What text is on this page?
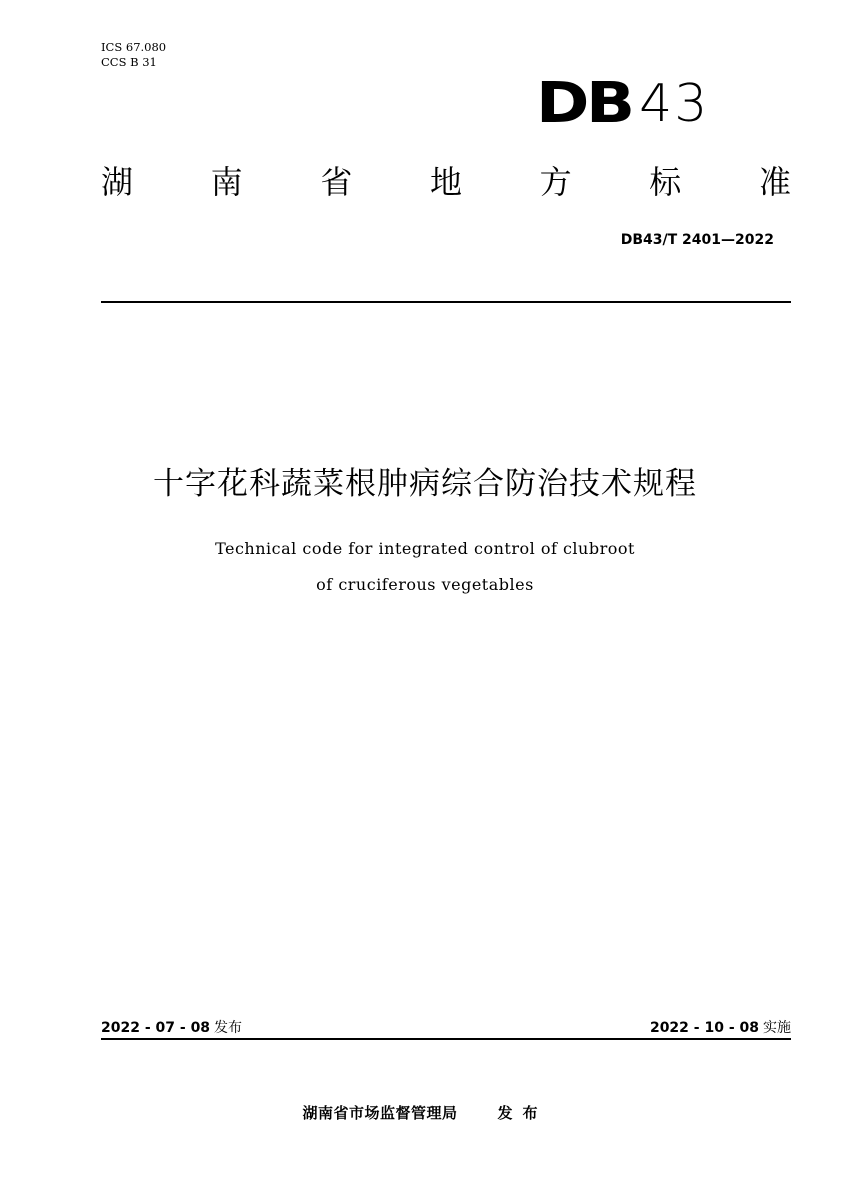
ICS 67.080
CCS B 31
DB 43
湖 南 省 地 方 标 准
DB43/T 2401—2022
十字花科蔬菜根肿病综合防治技术规程
Technical code for integrated control of clubroot
of cruciferous vegetables
2022 - 07 - 08 发布	2022 - 10 - 08 实施
湖南省市场监督管理局	发布
